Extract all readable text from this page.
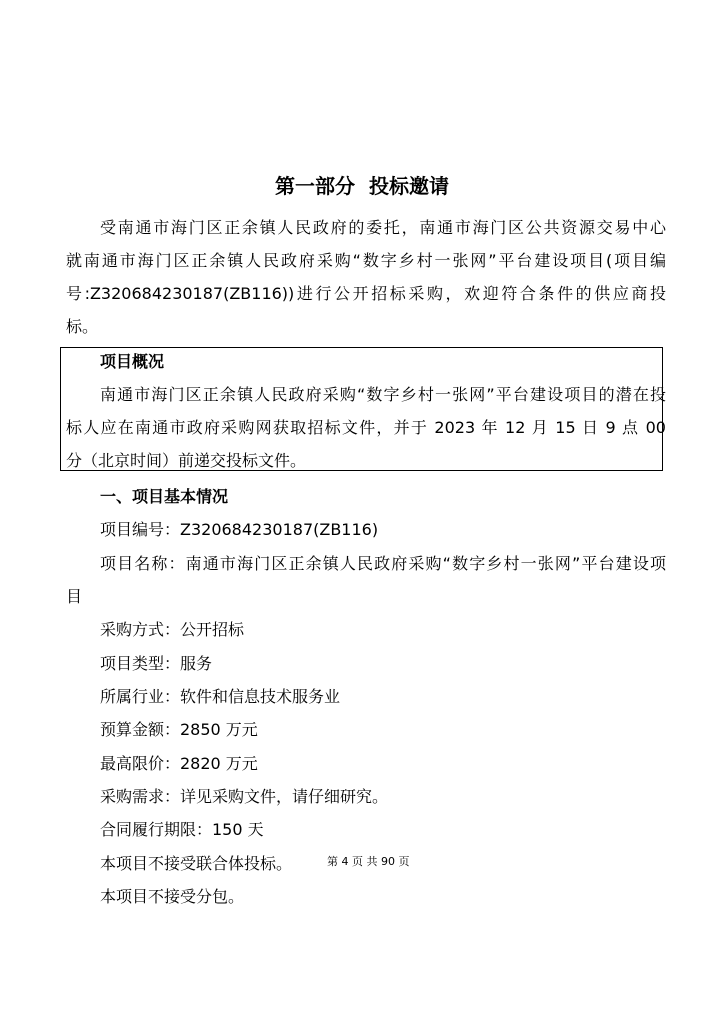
第一部分  投标邀请
受南通市海门区正余镇人民政府的委托，南通市海门区公共资源交易中心
就南通市海门区正余镇人民政府采购“数字乡村一张网”平台建设项目(项目编
号:Z320684230187(ZB116))进行公开招标采购，欢迎符合条件的供应商投
标。
项目概况
南通市海门区正余镇人民政府采购“数字乡村一张网”平台建设项目的潜在投
标人应在南通市政府采购网获取招标文件，并于 2023 年 12 月 15 日 9 点 00
分（北京时间）前递交投标文件。
一、项目基本情况
项目编号：Z320684230187(ZB116)
项目名称：南通市海门区正余镇人民政府采购“数字乡村一张网”平台建设项
目
采购方式：公开招标
项目类型：服务
所属行业：软件和信息技术服务业
预算金额：2850 万元
最高限价：2820 万元
采购需求：详见采购文件，请仔细研究。
合同履行期限：150 天
本项目不接受联合体投标。
本项目不接受分包。
第 4 页 共 90 页
